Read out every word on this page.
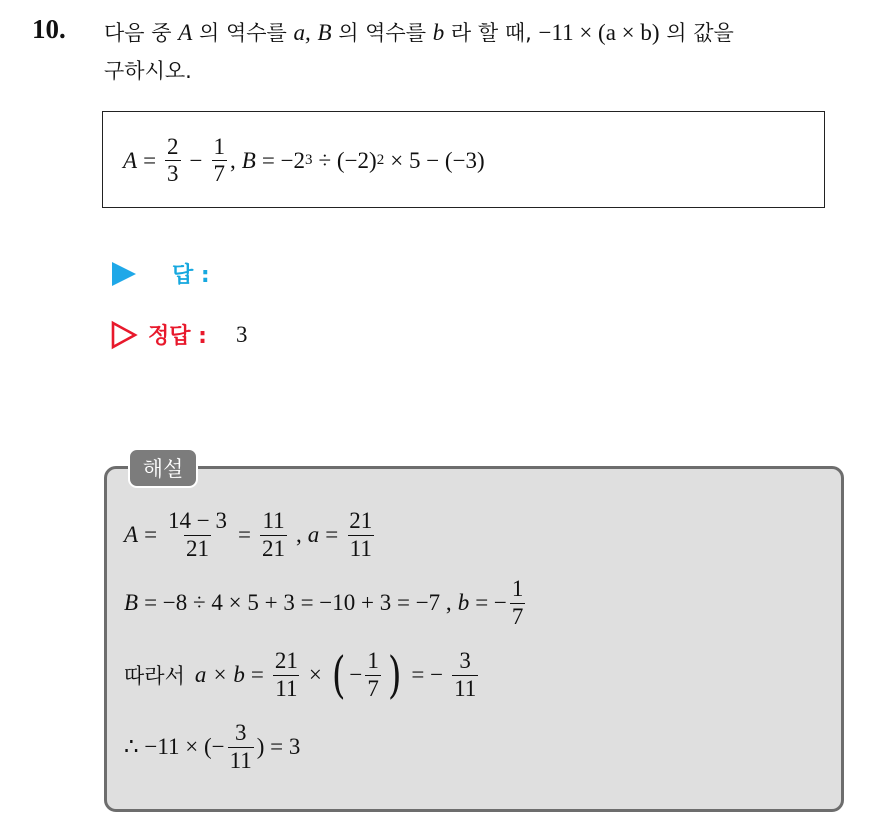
10. 다음 중 A 의 역수를 a, B 의 역수를 b 라 할 때, −11 × (a × b) 의 값을
구하시오.
$A = \frac{2}{3} - \frac{1}{7}$ , B = −2 3 ÷ (−2) 2 × 5 − (−3)
답 :
정답 : 3
해설
$A = \frac{14 - 3}{21} = \frac{11}{21}$ , $a = \frac{21}{11}$
B = −8 ÷ 4 × 5 + 3 = −10 + 3 = −7 , b = − $\frac{1}{7}$
따라서 $a \times b = \frac{21}{11}$ × ( − $\frac{1}{7}$ ) = − $\frac{3}{11}$
∴ −11 × (− $\frac{3}{11}$ ) = 3
